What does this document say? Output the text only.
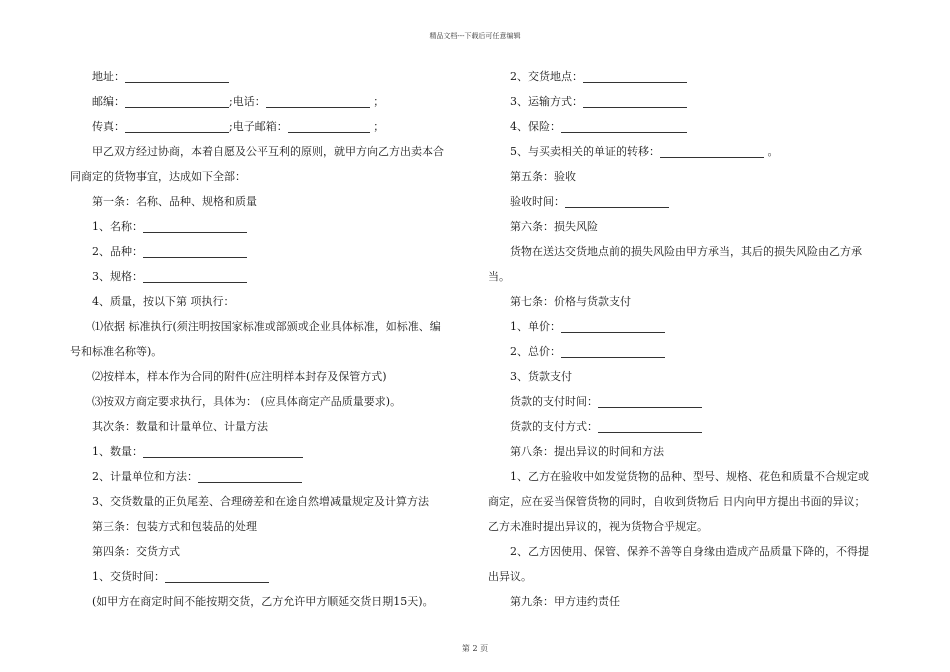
精品文档---下载后可任意编辑
地址：
邮编：	;电话：	；
传真：	;电子邮箱：	；
甲乙双方经过协商，本着自愿及公平互利的原则，就甲方向乙方出卖本合
同商定的货物事宜，达成如下全部：
第一条：名称、品种、规格和质量
1、名称：
2、品种：
3、规格：
4、质量，按以下第 项执行：
⑴依据 标准执行(须注明按国家标准或部颁或企业具体标准，如标准、编
号和标准名称等)。
⑵按样本，样本作为合同的附件(应注明样本封存及保管方式)
⑶按双方商定要求执行，具体为： (应具体商定产品质量要求)。
其次条：数量和计量单位、计量方法
1、数量：
2、计量单位和方法：
3、交货数量的正负尾差、合理磅差和在途自然增减量规定及计算方法
第三条：包装方式和包装品的处理
第四条：交货方式
1、交货时间：
(如甲方在商定时间不能按期交货，乙方允许甲方顺延交货日期15天)。
2、交货地点：
3、运输方式：
4、保险：
5、与买卖相关的单证的转移：	。
第五条：验收
验收时间：
第六条：损失风险
货物在送达交货地点前的损失风险由甲方承当，其后的损失风险由乙方承
当。
第七条：价格与货款支付
1、单价：
2、总价：
3、货款支付
货款的支付时间：
货款的支付方式：
第八条：提出异议的时间和方法
1、乙方在验收中如发觉货物的品种、型号、规格、花色和质量不合规定或
商定，应在妥当保管货物的同时，自收到货物后 日内向甲方提出书面的异议；
乙方未准时提出异议的，视为货物合乎规定。
2、乙方因使用、保管、保养不善等自身缘由造成产品质量下降的，不得提
出异议。
第九条：甲方违约责任
第 2 页
